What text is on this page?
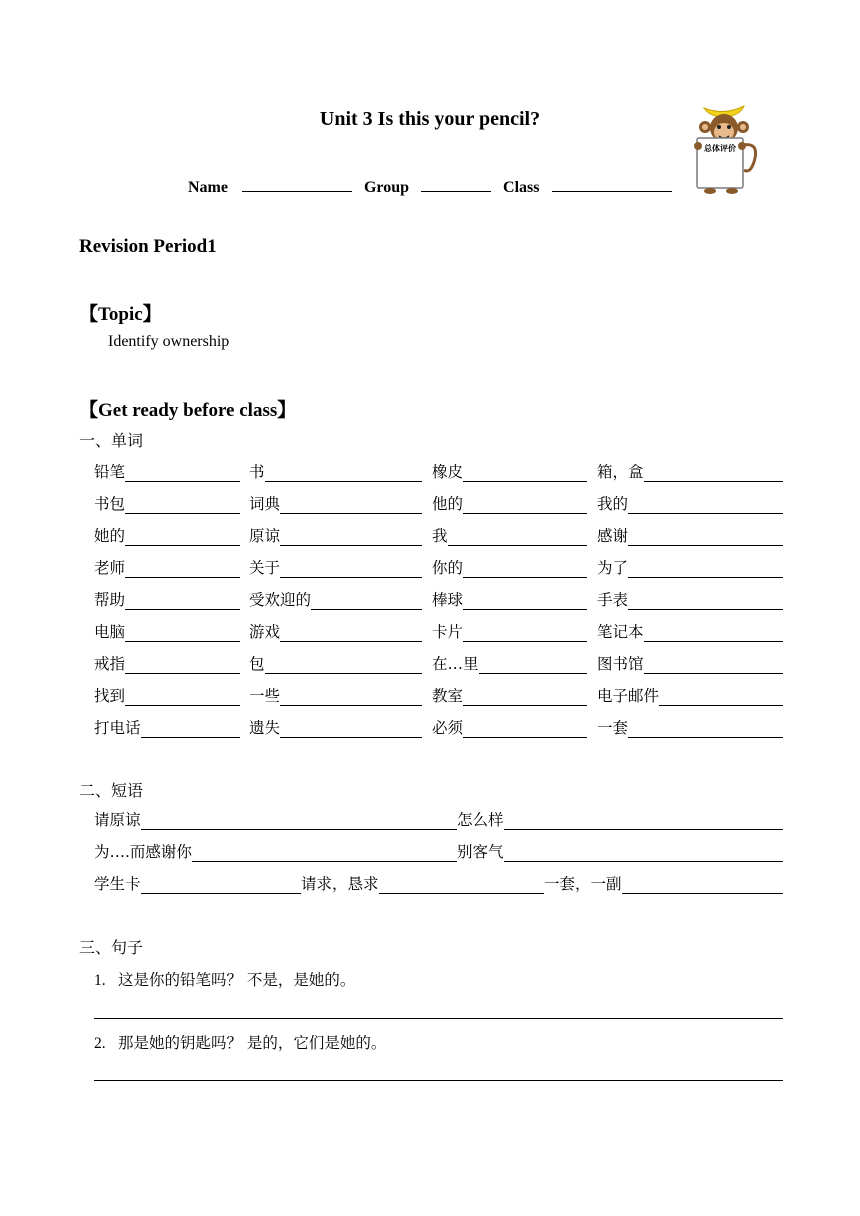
Unit 3 Is this your pencil?
Name	Group	Class
总体评价
Revision Period1
【Topic】
Identify ownership
【Get ready before class】
一、单词
铅笔	书	橡皮	箱，盒
书包	词典	他的	我的
她的	原谅	我	感谢
老师	关于	你的	为了
帮助	受欢迎的	棒球	手表
电脑	游戏	卡片	笔记本
戒指	包	在…里	图书馆
找到	一些	教室	电子邮件
打电话	遗失	必须	一套
二、短语
请原谅	怎么样
为….而感谢你	别客气
学生卡	请求，恳求	一套，一副
三、句子
1. 这是你的铅笔吗？ 不是，是她的。
2. 那是她的钥匙吗？ 是的，它们是她的。
